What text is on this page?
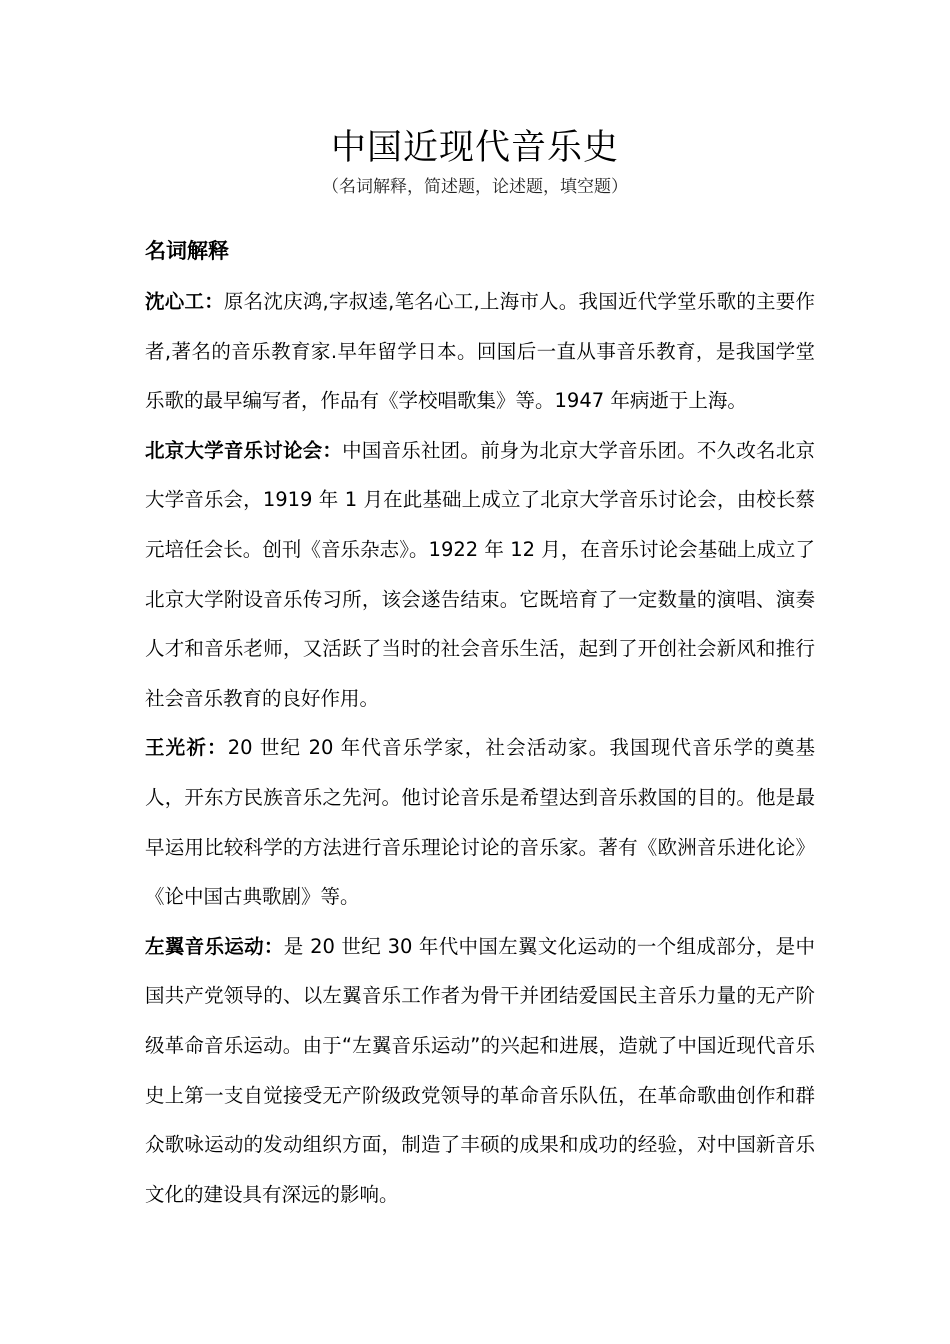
中国近现代音乐史
（名词解释，简述题，论述题，填空题）
名词解释

沈心工：原名沈庆鸿,字叔逵,笔名心工,上海市人。我国近代学堂乐歌的主要作者,著名的音乐教育家.早年留学日本。回国后一直从事音乐教育，是我国学堂乐歌的最早编写者，作品有《学校唱歌集》等。1947 年病逝于上海。

北京大学音乐讨论会：中国音乐社团。前身为北京大学音乐团。不久改名北京大学音乐会，1919 年 1 月在此基础上成立了北京大学音乐讨论会，由校长蔡元培任会长。创刊《音乐杂志》。1922 年 12 月，在音乐讨论会基础上成立了北京大学附设音乐传习所，该会遂告结束。它既培育了一定数量的演唱、演奏人才和音乐老师，又活跃了当时的社会音乐生活，起到了开创社会新风和推行社会音乐教育的良好作用。

王光祈：20 世纪 20 年代音乐学家，社会活动家。我国现代音乐学的奠基人，开东方民族音乐之先河。他讨论音乐是希望达到音乐救国的目的。他是最早运用比较科学的方法进行音乐理论讨论的音乐家。著有《欧洲音乐进化论》《论中国古典歌剧》等。

左翼音乐运动：是 20 世纪 30 年代中国左翼文化运动的一个组成部分，是中国共产党领导的、以左翼音乐工作者为骨干并团结爱国民主音乐力量的无产阶级革命音乐运动。由于“左翼音乐运动”的兴起和进展，造就了中国近现代音乐史上第一支自觉接受无产阶级政党领导的革命音乐队伍，在革命歌曲创作和群众歌咏运动的发动组织方面，制造了丰硕的成果和成功的经验，对中国新音乐文化的建设具有深远的影响。
